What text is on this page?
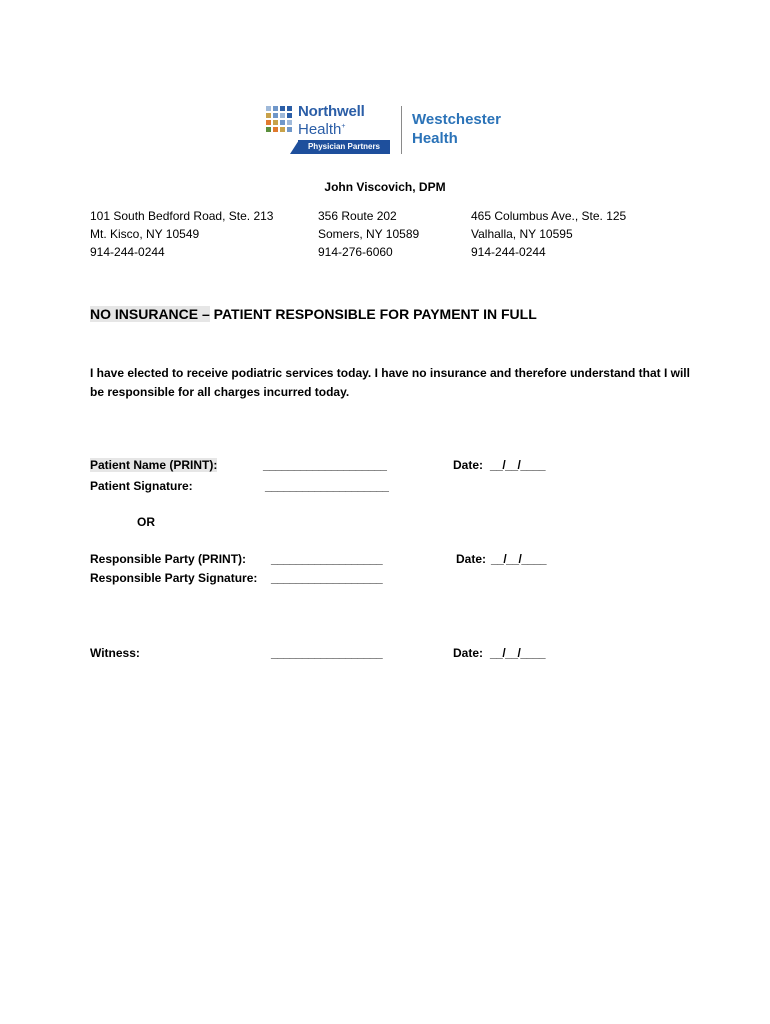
Northwell
Health+
Physician Partners
Westchester
Health
John Viscovich, DPM
101 South Bedford Road, Ste. 213
Mt. Kisco, NY 10549
914-244-0244
356 Route 202
Somers, NY 10589
914-276-6060
465 Columbus Ave., Ste. 125
Valhalla, NY 10595
914-244-0244
NO INSURANCE – PATIENT RESPONSIBLE FOR PAYMENT IN FULL
I have elected to receive podiatric services today. I have no insurance and therefore understand that I will be responsible for all charges incurred today.
Patient Name (PRINT):	____________________	Date: __/__/____
Patient Signature:	____________________
OR
Responsible Party (PRINT): __________________	Date: __/__/____
Responsible Party Signature: __________________
Witness:	__________________	Date: __/__/____
